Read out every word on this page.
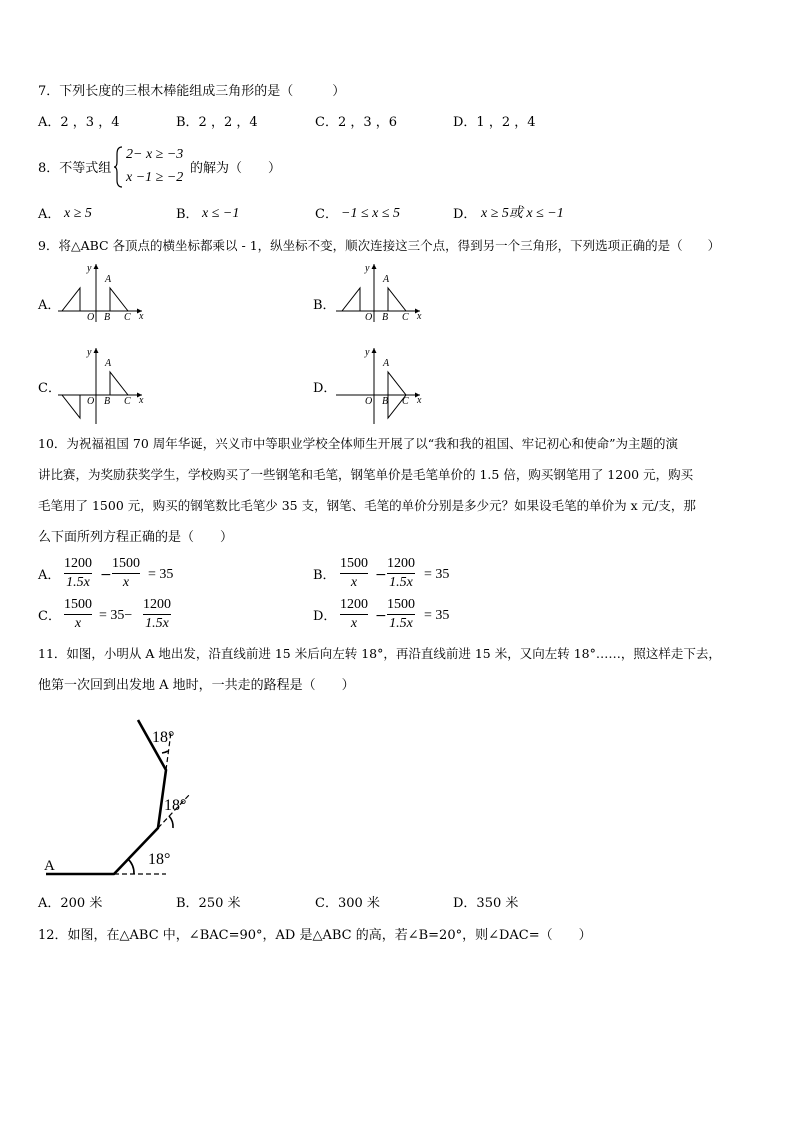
7．下列长度的三根木棒能组成三角形的是（　　　）
A．2 ，3 ，4	B．2 ，2 ，4	C．2 ，3 ，6	D．1 ，2 ，4
8．不等式组
2− x ≥ −3
x −1 ≥ −2
的解为（　　）
A． x ≥ 5	B． x ≤ −1	C． −1 ≤ x ≤ 5	D． x ≥ 5或 x ≤ −1
9．将△ABC 各顶点的横坐标都乘以 - 1，纵坐标不变，顺次连接这三个点，得到另一个三角形，下列选项正确的是（　　）
A．
y
x
O B C
A
B．
y
x
O B C
A
C．
y
x
O B C
A
D．
y
x
O B C
A
10．为祝福祖国 70 周年华诞，兴义市中等职业学校全体师生开展了以“我和我的祖国、牢记初心和使命”为主题的演
讲比赛，为奖励获奖学生，学校购买了一些钢笔和毛笔，钢笔单价是毛笔单价的 1.5 倍，购买钢笔用了 1200 元，购买
毛笔用了 1500 元，购买的钢笔数比毛笔少 35 支，钢笔、毛笔的单价分别是多少元？如果设毛笔的单价为 x 元/支，那
么下面所列方程正确的是（　　）
A．
1200
1.5x −
1500
x
= 35	B．
1500
x	−
1200
1.5x
= 35
C．
1500
x
= 35−
1200
1.5x	D．
1200
x	−
1500
1.5x
= 35
11．如图，小明从 A 地出发，沿直线前进 15 米后向左转 18°，再沿直线前进 15 米，又向左转 18°……，照这样走下去，
他第一次回到出发地 A 地时，一共走的路程是（　　）
18°
18°
18°
A
A．200 米	B．250 米	C．300 米	D．350 米
12．如图，在△ABC 中，∠BAC=90°，AD 是△ABC 的高，若∠B=20°，则∠DAC=（　　）
